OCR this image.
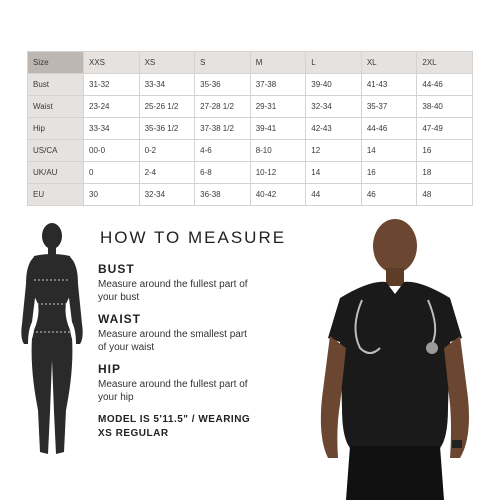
Size	XXS	XS	S	M	L	XL	2XL
Bust	31-32	33-34	35-36	37-38	39-40	41-43	44-46
Waist	23-24	25-26 1/2	27-28 1/2	29-31	32-34	35-37	38-40
Hip	33-34	35-36 1/2	37-38 1/2	39-41	42-43	44-46	47-49
US/CA	00-0	0-2	4-6	8-10	12	14	16
UK/AU	0	2-4	6-8	10-12	14	16	18
EU	30	32-34	36-38	40-42	44	46	48
HOW TO MEASURE
BUST
Measure around the fullest part of
your bust
WAIST
Measure around the smallest part
of your waist
HIP
Measure around the fullest part of
your hip
MODEL IS 5'11.5" / WEARING
XS REGULAR
